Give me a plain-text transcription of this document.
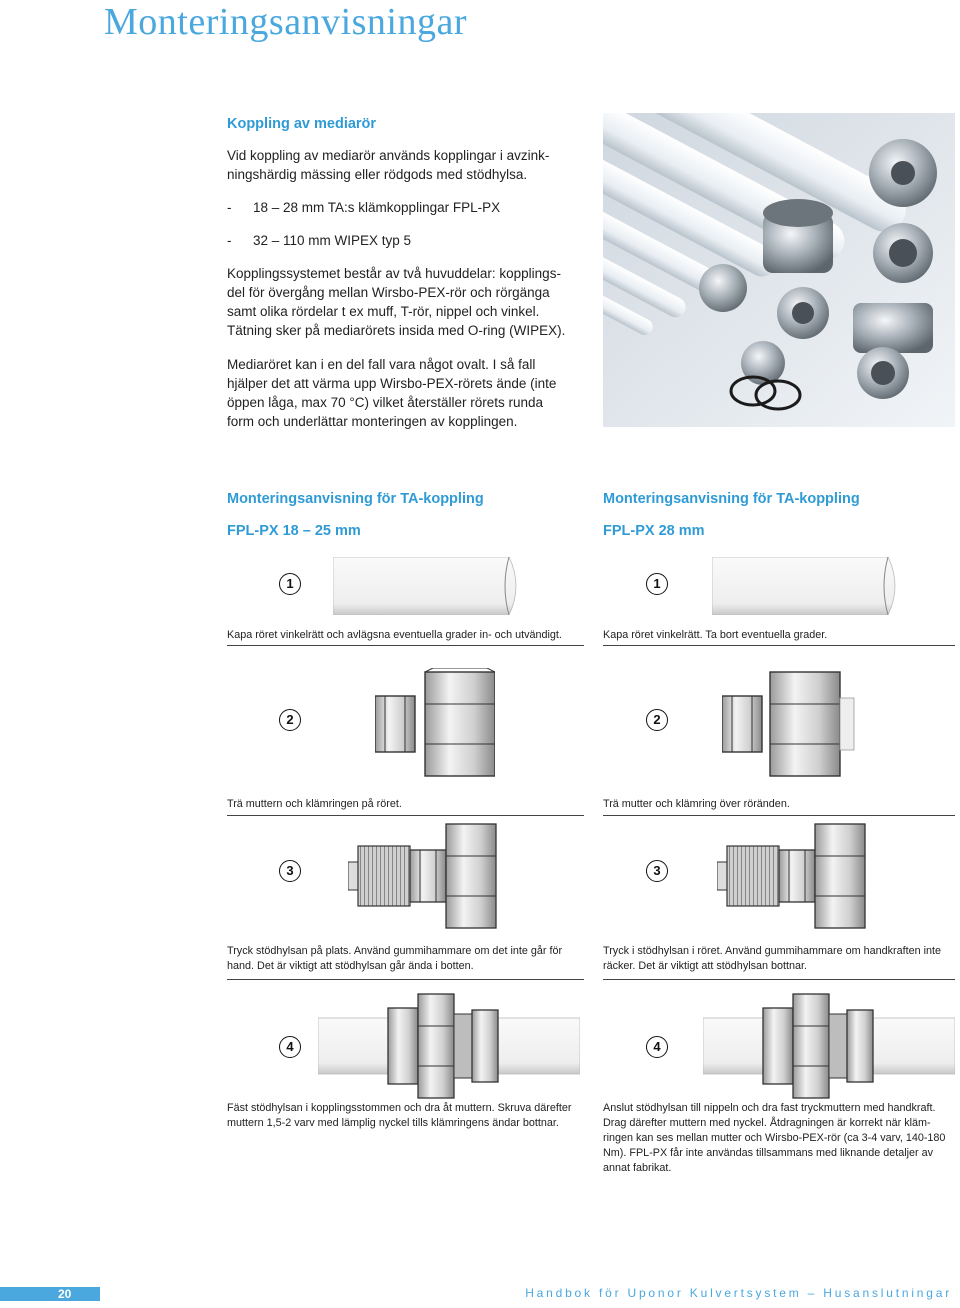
Monteringsanvisningar
Koppling av mediarör

Vid koppling av mediarör används kopplingar i avzink-

ningshärdig mässing eller rödgods med stödhylsa.

-	18 – 28 mm TA:s klämkopplingar FPL-PX
-	32 – 110 mm WIPEX typ 5

Kopplingssystemet består av två huvuddelar: kopplings-

del för övergång mellan Wirsbo-PEX-rör och rörgänga

samt olika rördelar t ex muff, T-rör, nippel och vinkel.

Tätning sker på mediarörets insida med O-ring (WIPEX).

Mediaröret kan i en del fall vara något ovalt. I så fall

hjälper det att värma upp Wirsbo-PEX-rörets ände (inte

öppen låga, max 70 °C) vilket återställer rörets runda

form och underlättar monteringen av kopplingen.

Monteringsanvisning för TA-koppling
FPL-PX 18 – 25 mm
Monteringsanvisning för TA-koppling
FPL-PX 28 mm
1	1
Kapa röret vinkelrätt och avlägsna eventuella grader in- och utvändigt.	Kapa röret vinkelrätt. Ta bort eventuella grader.
2	2
Trä muttern och klämringen på röret.	Trä mutter och klämring över röränden.
3	3
Tryck stödhylsan på plats. Använd gummihammare om det inte går för
hand. Det är viktigt att stödhylsan går ända i botten.
Tryck i stödhylsan i röret. Använd gummihammare om handkraften inte
räcker. Det är viktigt att stödhylsan bottnar.
4	4
Fäst stödhylsan i kopplingsstommen och dra åt muttern. Skruva därefter
muttern 1,5-2 varv med lämplig nyckel tills klämringens ändar bottnar.
Anslut stödhylsan till nippeln och dra fast tryckmuttern med handkraft.
Drag därefter muttern med nyckel. Åtdragningen är korrekt när kläm-
ringen kan ses mellan mutter och Wirsbo-PEX-rör (ca 3-4 varv, 140-180
Nm). FPL-PX får inte användas tillsammans med liknande detaljer av
annat fabrikat.
20	Handbok för Uponor Kulvertsystem – Husanslutningar
